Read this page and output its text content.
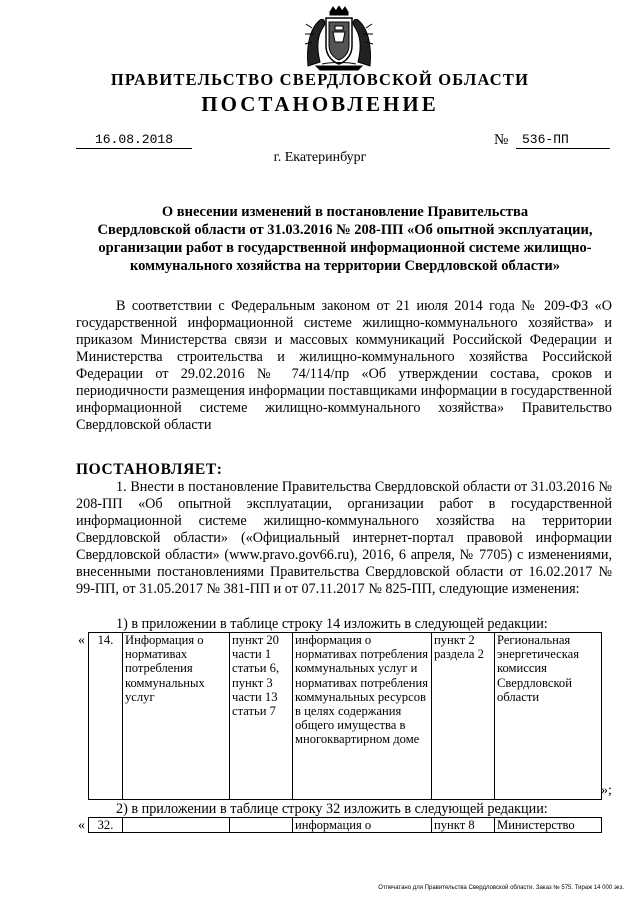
ПРАВИТЕЛЬСТВО СВЕРДЛОВСКОЙ ОБЛАСТИ
ПОСТАНОВЛЕНИЕ
16.08.2018	№	536-ПП
г. Екатеринбург
О внесении изменений в постановление Правительства
Свердловской области от 31.03.2016 № 208-ПП «Об опытной эксплуатации,
организации работ в государственной информационной системе жилищно-
коммунального хозяйства на территории Свердловской области»

В соответствии с Федеральным законом от 21 июля 2014 года № 209-ФЗ «О государственной информационной системе жилищно-коммунального хозяйства» и приказом Министерства связи и массовых коммуникаций Российской Федерации и Министерства строительства и жилищно-коммунального хозяйства Российской Федерации от 29.02.2016 № 74/114/пр «Об утверждении состава, сроков и периодичности размещения информации поставщиками информации в государственной информационной системе жилищно-коммунального хозяйства» Правительство Свердловской области

ПОСТАНОВЛЯЕТ:

1. Внести в постановление Правительства Свердловской области от 31.03.2016 № 208-ПП «Об опытной эксплуатации, организации работ в государственной информационной системе жилищно-коммунального хозяйства на территории Свердловской области» («Официальный интернет-портал правовой информации Свердловской области» (www.pravo.gov66.ru), 2016, 6 апреля, № 7705) с изменениями, внесенными постановлениями Правительства Свердловской области от 16.02.2017 № 99-ПП, от 31.05.2017 № 381-ПП и от 07.11.2017 № 825-ПП, следующие изменения:

1) в приложении в таблице строку 14 изложить в следующей редакции:
« 14.	Информация о нормативах потребления коммунальных услуг	пункт 20 части 1 статьи 6, пункт 3 части 13 статьи 7	информация о нормативах потребления коммунальных услуг и нормативах потребления коммунальных ресурсов в целях содержания общего имущества в многоквартирном доме	пункт 2 раздела 2	Региональная энергетическая комиссия Свердловской области
»;
2) в приложении в таблице строку 32 изложить в следующей редакции:
« 32.			информация о	пункт 8	Министерство
Отпечатано для Правительства Свердловской области. Заказ № 575. Тираж 14 000 экз.
